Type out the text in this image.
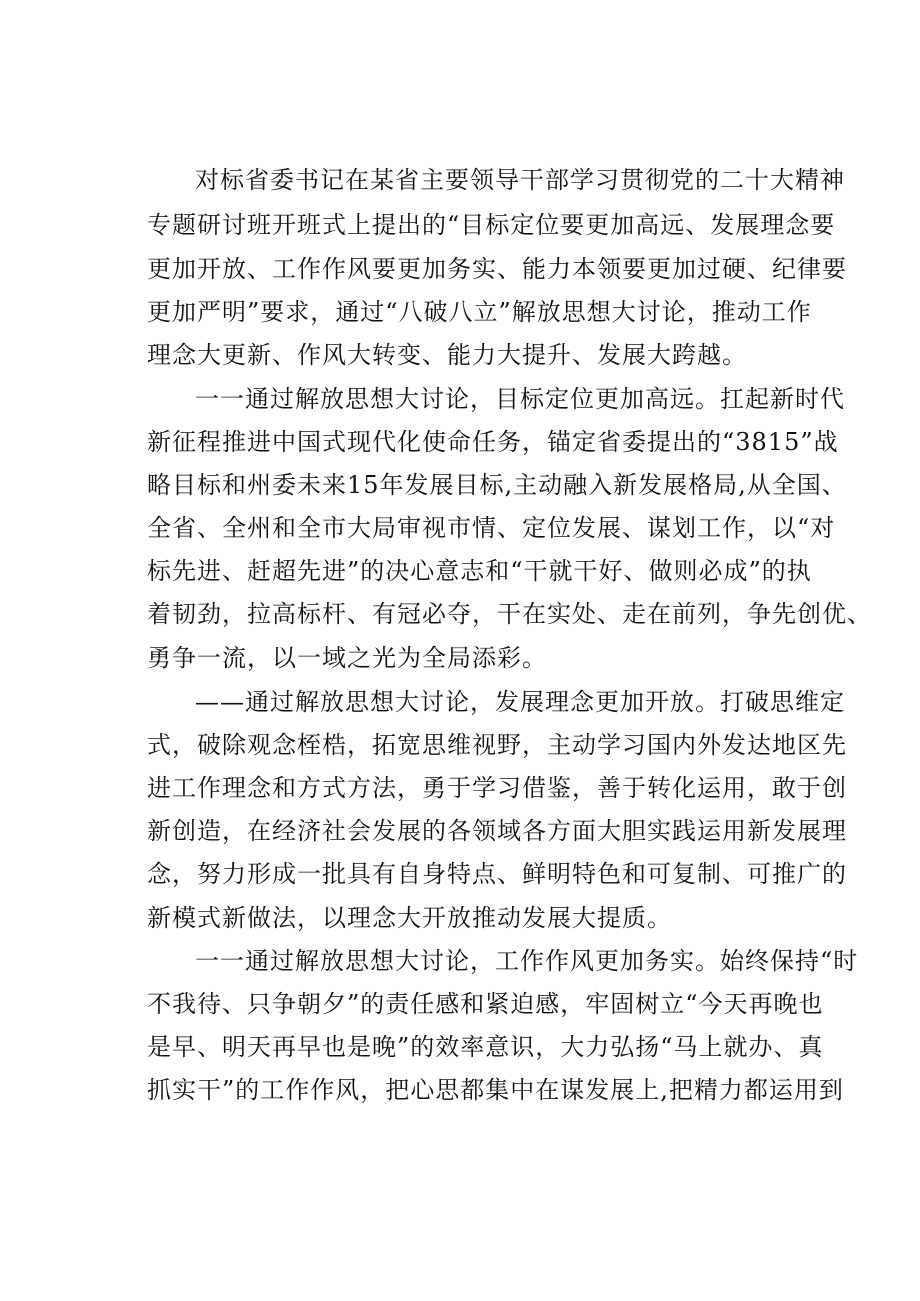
对标省委书记在某省主要领导干部学习贯彻党的二十大精神
专题研讨班开班式上提出的“目标定位要更加高远、发展理念要
更加开放、工作作风要更加务实、能力本领要更加过硬、纪律要
更加严明”要求，通过“八破八立”解放思想大讨论，推动工作
理念大更新、作风大转变、能力大提升、发展大跨越。
一一通过解放思想大讨论，目标定位更加高远。扛起新时代
新征程推进中国式现代化使命任务，锚定省委提出的“3815”战
略目标和州委未来15年发展目标,主动融入新发展格局,从全国、
全省、全州和全市大局审视市情、定位发展、谋划工作，以“对
标先进、赶超先进”的决心意志和“干就干好、做则必成”的执
着韧劲，拉高标杆、有冠必夺，干在实处、走在前列，争先创优、
勇争一流，以一域之光为全局添彩。
——通过解放思想大讨论，发展理念更加开放。打破思维定
式，破除观念桎梏，拓宽思维视野，主动学习国内外发达地区先
进工作理念和方式方法，勇于学习借鉴，善于转化运用，敢于创
新创造，在经济社会发展的各领域各方面大胆实践运用新发展理
念，努力形成一批具有自身特点、鲜明特色和可复制、可推广的
新模式新做法，以理念大开放推动发展大提质。
一一通过解放思想大讨论，工作作风更加务实。始终保持“时
不我待、只争朝夕”的责任感和紧迫感，牢固树立“今天再晚也
是早、明天再早也是晚”的效率意识，大力弘扬“马上就办、真
抓实干”的工作作风，把心思都集中在谋发展上,把精力都运用到
